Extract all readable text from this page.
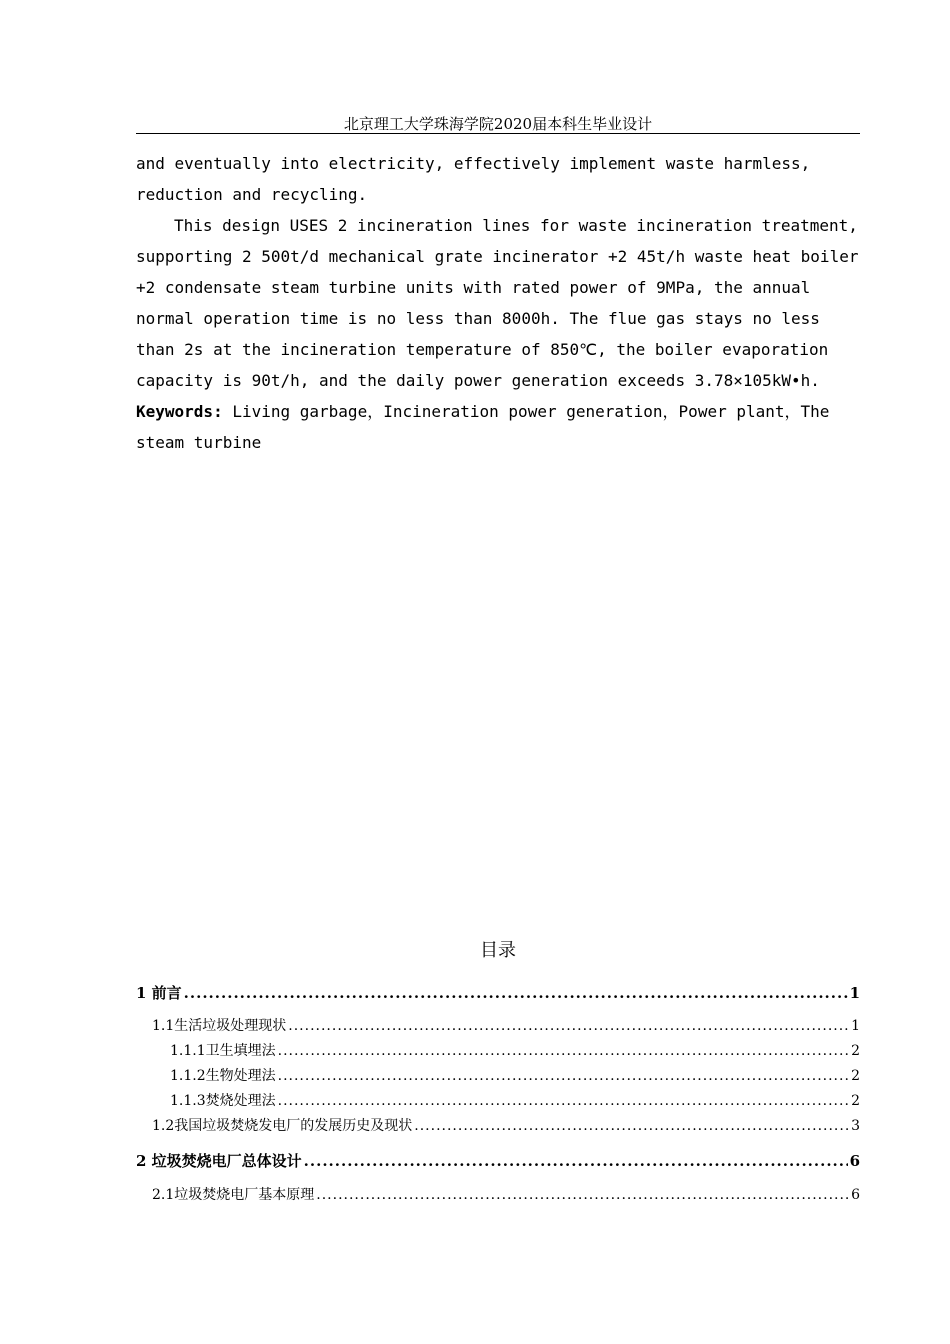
北京理工大学珠海学院2020届本科生毕业设计

and eventually into electricity, effectively implement waste harmless, reduction and recycling.

This design USES 2 incineration lines for waste incineration treatment, supporting 2 500t/d mechanical grate incinerator +2 45t/h waste heat boiler +2 condensate steam turbine units with rated power of 9MPa, the annual normal operation time is no less than 8000h. The flue gas stays no less than 2s at the incineration temperature of 850℃, the boiler evaporation capacity is 90t/h, and the daily power generation exceeds 3.78×105kW•h.

Keywords: Living garbage，Incineration power generation，Power plant，The steam turbine

目录
1 前言 .....	1
1.1生活垃圾处理现状 .....	1
1.1.1卫生填埋法 .....	2
1.1.2生物处理法 .....	2
1.1.3焚烧处理法 .....	2
1.2我国垃圾焚烧发电厂的发展历史及现状 .....	3
2 垃圾焚烧电厂总体设计 .....	6
2.1垃圾焚烧电厂基本原理 .....	6
